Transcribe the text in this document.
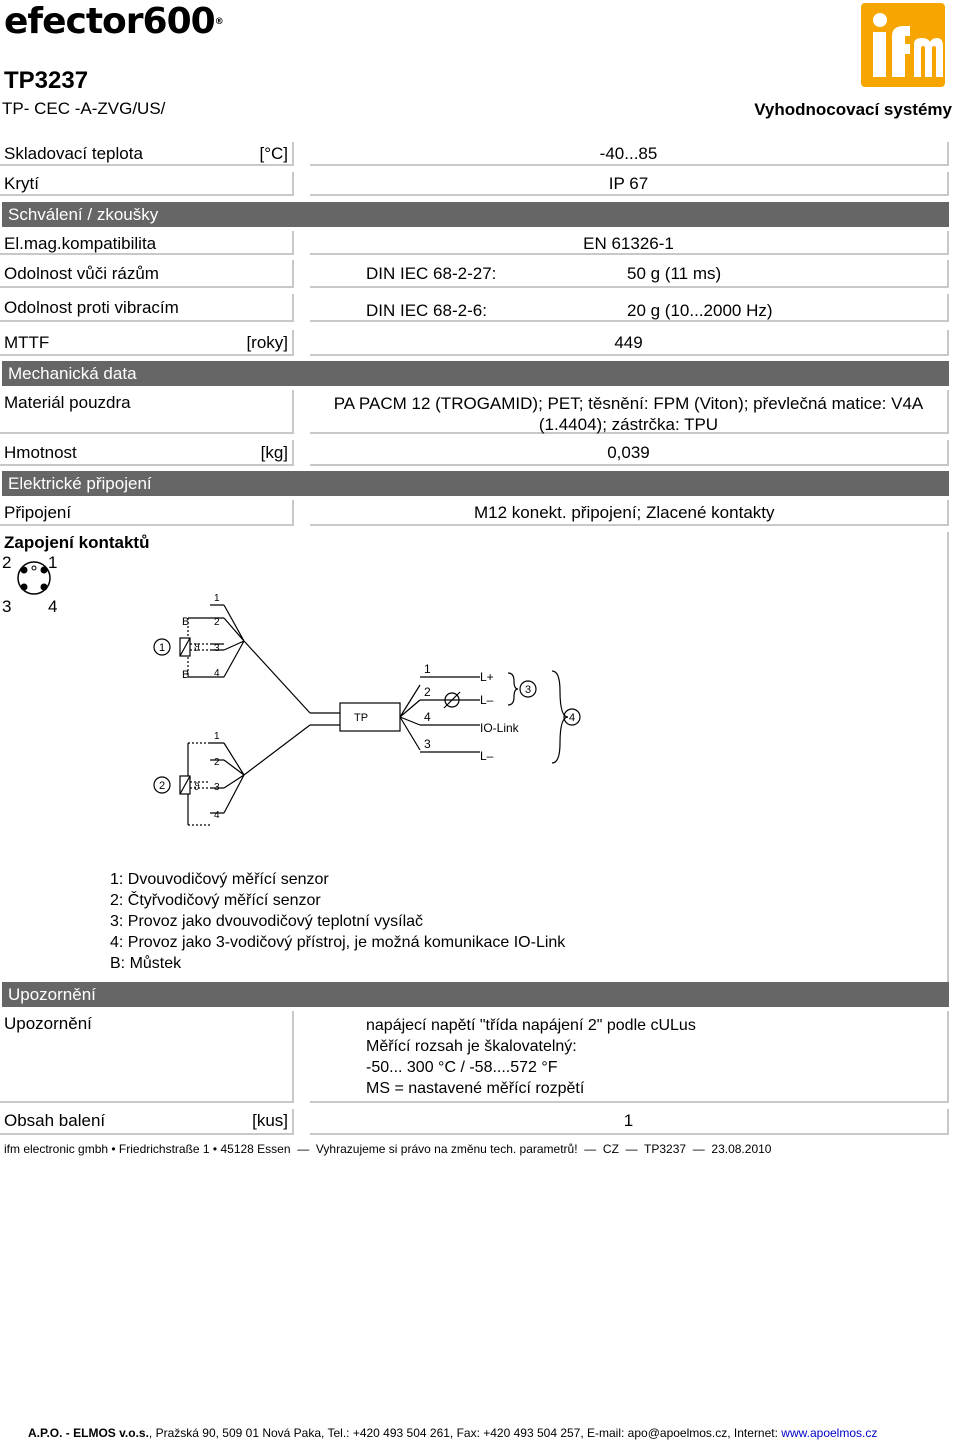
efector600®
TP3237
TP- CEC -A-ZVG/US/	Vyhodnocovací systémy
Skladovací teplota	[°C]	-40...85
Krytí	IP 67
Schválení / zkoušky
El.mag.kompatibilita	EN 61326-1
Odolnost vůči rázům	DIN IEC 68-2-27:	50 g (11 ms)
Odolnost proti vibracím	DIN IEC 68-2-6:	20 g (10...2000 Hz)
MTTF	[roky]	449
Mechanická data
Materiál pouzdra	PA PACM 12 (TROGAMID); PET; těsnění: FPM (Viton); převlečná matice: V4A
(1.4404); zástrčka: TPU
Hmotnost	[kg]	0,039
Elektrické připojení
Připojení	M12 konekt. připojení; Zlacené kontakty
Zapojení kontaktů
2 1
3 4
1
2
3
4
B
B
ϑ
ϑ
1
2
3
4
1
2
3
4
TP
1
2
4
3
L+
L–
IO-Link
L–
1: Dvouvodičový měřící senzor
2: Čtyřvodičový měřící senzor
3: Provoz jako dvouvodičový teplotní vysílač
4: Provoz jako 3-vodičový přístroj, je možná komunikace IO-Link
B: Můstek
Upozornění
Upozornění	napájecí napětí "třída napájení 2" podle cULus
Měřící rozsah je škalovatelný:
-50... 300 °C / -58....572 °F
MS = nastavené měřící rozpětí
Obsah balení	[kus]	1
ifm electronic gmbh • Friedrichstraße 1 • 45128 Essen  —  Vyhrazujeme si právo na změnu tech. parametrů!  —  CZ  —  TP3237  —  23.08.2010
A.P.O. - ELMOS v.o.s., Pražská 90, 509 01 Nová Paka, Tel.: +420 493 504 261, Fax: +420 493 504 257, E-mail: apo@apoelmos.cz, Internet: www.apoelmos.cz
